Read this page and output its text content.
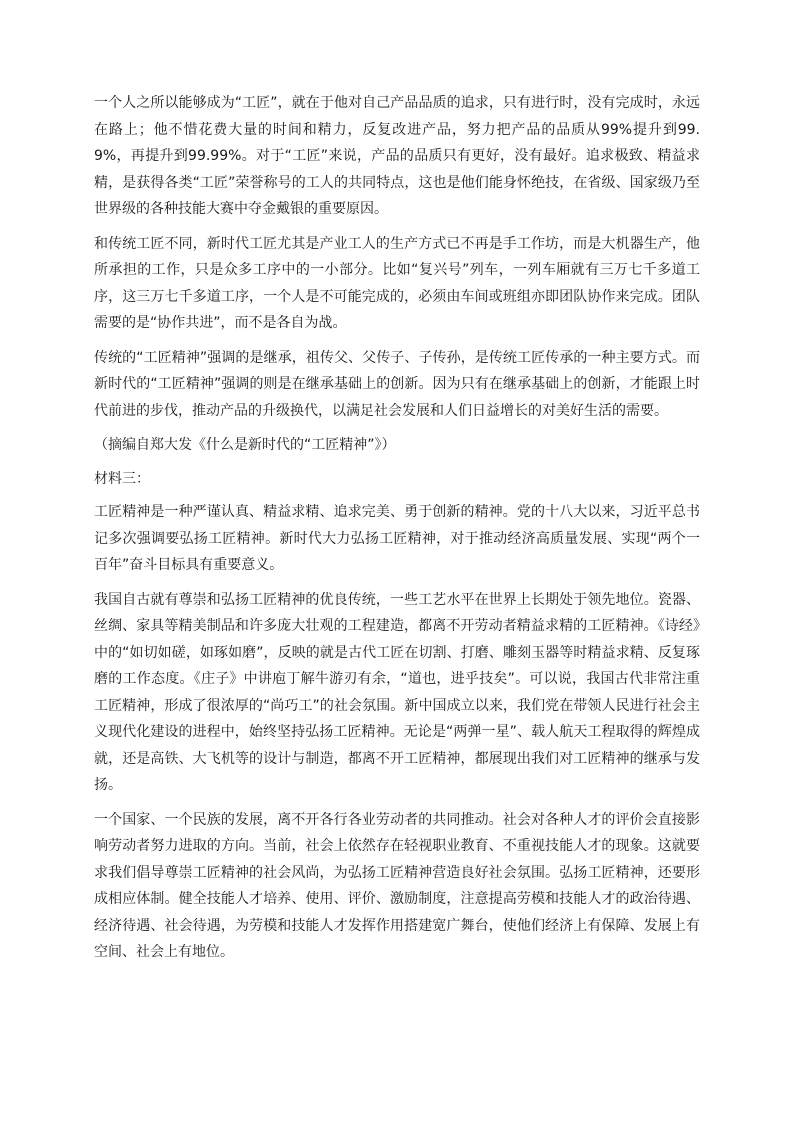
一个人之所以能够成为“工匠”，就在于他对自己产品品质的追求，只有进行时，没有完成时，永远在路上；他不惜花费大量的时间和精力，反复改进产品，努力把产品的品质从99%提升到99.9%，再提升到99.99%。对于“工匠”来说，产品的品质只有更好，没有最好。追求极致、精益求精，是获得各类“工匠”荣誉称号的工人的共同特点，这也是他们能身怀绝技，在省级、国家级乃至世界级的各种技能大赛中夺金戴银的重要原因。

和传统工匠不同，新时代工匠尤其是产业工人的生产方式已不再是手工作坊，而是大机器生产，他所承担的工作，只是众多工序中的一小部分。比如“复兴号”列车，一列车厢就有三万七千多道工序，这三万七千多道工序，一个人是不可能完成的，必须由车间或班组亦即团队协作来完成。团队需要的是“协作共进”，而不是各自为战。

传统的“工匠精神”强调的是继承，祖传父、父传子、子传孙，是传统工匠传承的一种主要方式。而新时代的“工匠精神”强调的则是在继承基础上的创新。因为只有在继承基础上的创新，才能跟上时代前进的步伐，推动产品的升级换代，以满足社会发展和人们日益增长的对美好生活的需要。

（摘编自郑大发《什么是新时代的“工匠精神”》）

材料三：

工匠精神是一种严谨认真、精益求精、追求完美、勇于创新的精神。党的十八大以来，习近平总书记多次强调要弘扬工匠精神。新时代大力弘扬工匠精神，对于推动经济高质量发展、实现“两个一百年”奋斗目标具有重要意义。

我国自古就有尊崇和弘扬工匠精神的优良传统，一些工艺水平在世界上长期处于领先地位。瓷器、丝绸、家具等精美制品和许多庞大壮观的工程建造，都离不开劳动者精益求精的工匠精神。《诗经》中的“如切如磋，如琢如磨”，反映的就是古代工匠在切割、打磨、雕刻玉器等时精益求精、反复琢磨的工作态度。《庄子》中讲庖丁解牛游刃有余，“道也，进乎技矣”。可以说，我国古代非常注重工匠精神，形成了很浓厚的“尚巧工”的社会氛围。新中国成立以来，我们党在带领人民进行社会主义现代化建设的进程中，始终坚持弘扬工匠精神。无论是“两弹一星”、载人航天工程取得的辉煌成就，还是高铁、大飞机等的设计与制造，都离不开工匠精神，都展现出我们对工匠精神的继承与发扬。

一个国家、一个民族的发展，离不开各行各业劳动者的共同推动。社会对各种人才的评价会直接影响劳动者努力进取的方向。当前，社会上依然存在轻视职业教育、不重视技能人才的现象。这就要求我们倡导尊崇工匠精神的社会风尚，为弘扬工匠精神营造良好社会氛围。弘扬工匠精神，还要形成相应体制。健全技能人才培养、使用、评价、激励制度，注意提高劳模和技能人才的政治待遇、经济待遇、社会待遇，为劳模和技能人才发挥作用搭建宽广舞台，使他们经济上有保障、发展上有空间、社会上有地位。
